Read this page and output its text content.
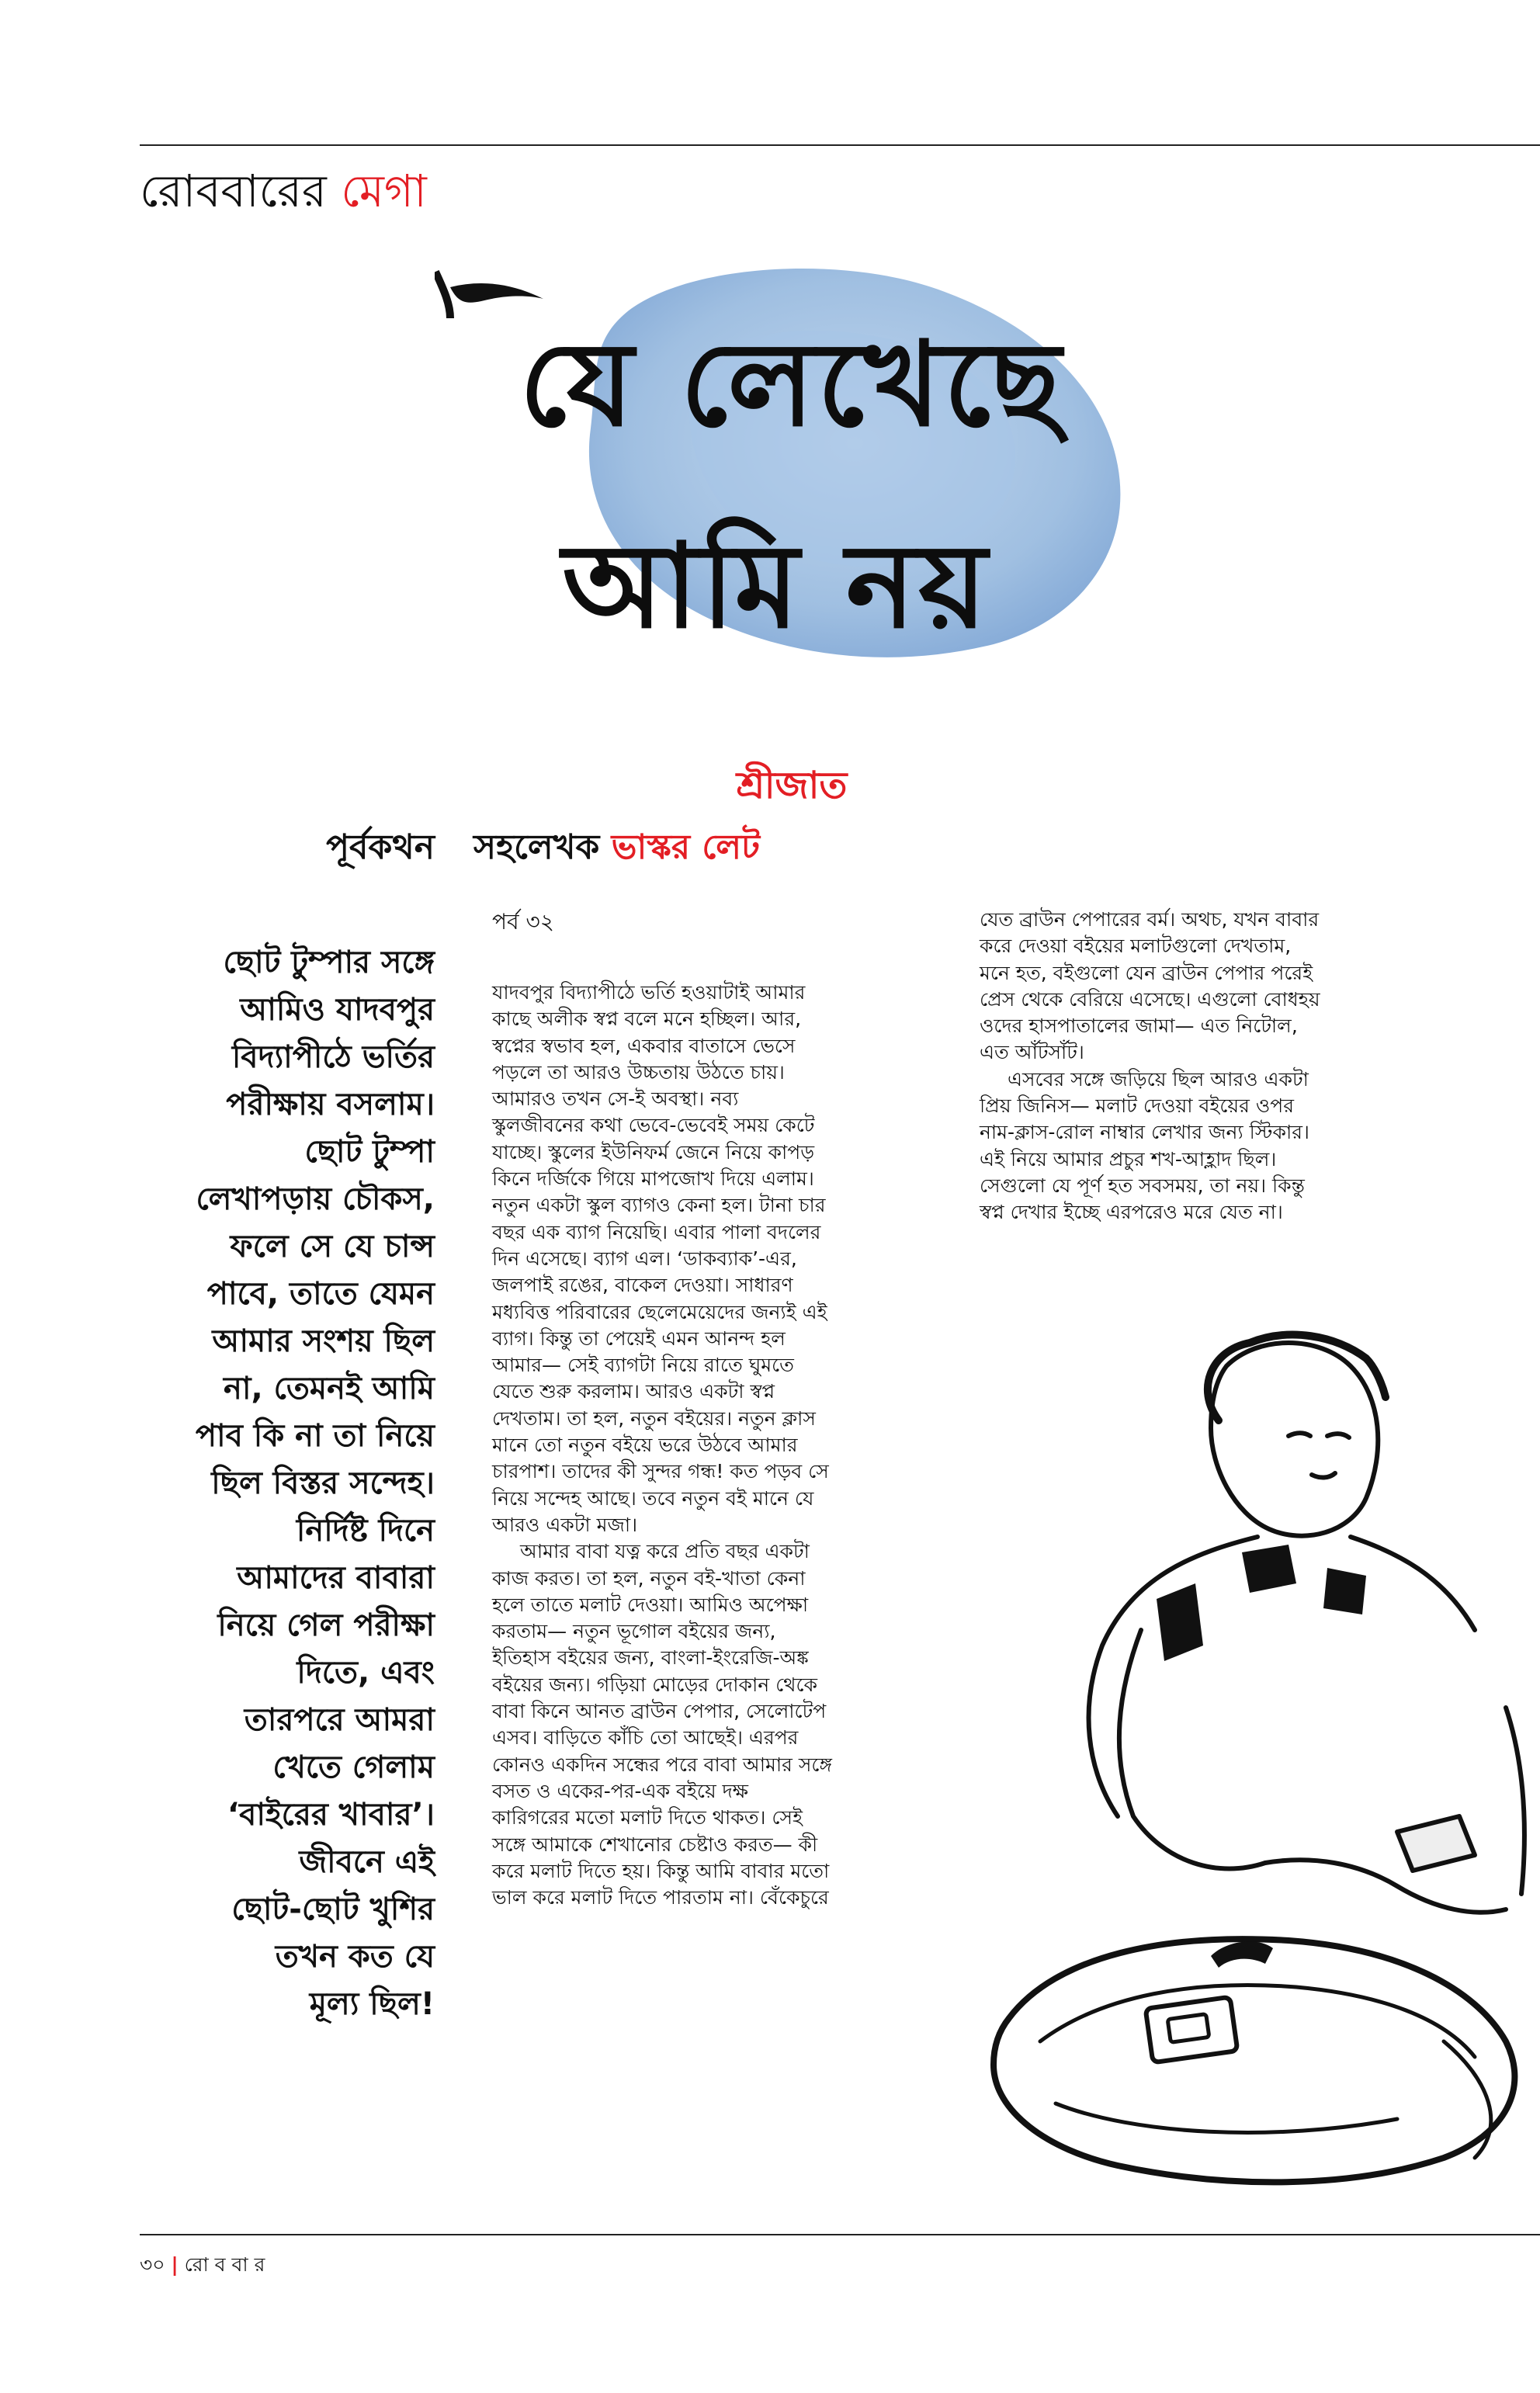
রোববারের মেগা
যে লেখেছে
আমি নয়
শ্রীজাত
পূর্বকথন সহলেখক ভাস্কর লেট
পর্ব ৩২
ছোট টুম্পার সঙ্গে
আমিও যাদবপুর
বিদ্যাপীঠে ভর্তির
পরীক্ষায় বসলাম।
ছোট টুম্পা
লেখাপড়ায় চৌকস,
ফলে সে যে চান্স
পাবে, তাতে যেমন
আমার সংশয় ছিল
না, তেমনই আমি
পাব কি না তা নিয়ে
ছিল বিস্তর সন্দেহ।
নির্দিষ্ট দিনে
আমাদের বাবারা
নিয়ে গেল পরীক্ষা
দিতে, এবং
তারপরে আমরা
খেতে গেলাম
‘বাইরের খাবার’।
জীবনে এই
ছোট-ছোট খুশির
তখন কত যে
মূল্য ছিল!
যাদবপুর বিদ্যাপীঠে ভর্তি হওয়াটাই আমার
কাছে অলীক স্বপ্ন বলে মনে হচ্ছিল। আর,
স্বপ্নের স্বভাব হল, একবার বাতাসে ভেসে
পড়লে তা আরও উচ্চতায় উঠতে চায়।
আমারও তখন সে-ই অবস্থা। নব্য
স্কুলজীবনের কথা ভেবে-ভেবেই সময় কেটে
যাচ্ছে। স্কুলের ইউনিফর্ম জেনে নিয়ে কাপড়
কিনে দর্জিকে গিয়ে মাপজোখ দিয়ে এলাম।
নতুন একটা স্কুল ব্যাগও কেনা হল। টানা চার
বছর এক ব্যাগ নিয়েছি। এবার পালা বদলের
দিন এসেছে। ব্যাগ এল। ‘ডাকব্যাক’-এর,
জলপাই রঙের, বাকেল দেওয়া। সাধারণ
মধ্যবিত্ত পরিবারের ছেলেমেয়েদের জন্যই এই
ব্যাগ। কিন্তু তা পেয়েই এমন আনন্দ হল
আমার— সেই ব্যাগটা নিয়ে রাতে ঘুমতে
যেতে শুরু করলাম। আরও একটা স্বপ্ন
দেখতাম। তা হল, নতুন বইয়ের। নতুন ক্লাস
মানে তো নতুন বইয়ে ভরে উঠবে আমার
চারপাশ। তাদের কী সুন্দর গন্ধ! কত পড়ব সে
নিয়ে সন্দেহ আছে। তবে নতুন বই মানে যে
আরও একটা মজা।
আমার বাবা যত্ন করে প্রতি বছর একটা
কাজ করত। তা হল, নতুন বই-খাতা কেনা
হলে তাতে মলাট দেওয়া। আমিও অপেক্ষা
করতাম— নতুন ভূগোল বইয়ের জন্য,
ইতিহাস বইয়ের জন্য, বাংলা-ইংরেজি-অঙ্ক
বইয়ের জন্য। গড়িয়া মোড়ের দোকান থেকে
বাবা কিনে আনত ব্রাউন পেপার, সেলোটেপ
এসব। বাড়িতে কাঁচি তো আছেই। এরপর
কোনও একদিন সন্ধের পরে বাবা আমার সঙ্গে
বসত ও একের-পর-এক বইয়ে দক্ষ
কারিগরের মতো মলাট দিতে থাকত। সেই
সঙ্গে আমাকে শেখানোর চেষ্টাও করত— কী
করে মলাট দিতে হয়। কিন্তু আমি বাবার মতো
ভাল করে মলাট দিতে পারতাম না। বেঁকেচুরে
যেত ব্রাউন পেপারের বর্ম। অথচ, যখন বাবার
করে দেওয়া বইয়ের মলাটগুলো দেখতাম,
মনে হত, বইগুলো যেন ব্রাউন পেপার পরেই
প্রেস থেকে বেরিয়ে এসেছে। এগুলো বোধহয়
ওদের হাসপাতালের জামা— এত নিটোল,
এত আঁটসাঁট।
এসবের সঙ্গে জড়িয়ে ছিল আরও একটা
প্রিয় জিনিস— মলাট দেওয়া বইয়ের ওপর
নাম-ক্লাস-রোল নাম্বার লেখার জন্য স্টিকার।
এই নিয়ে আমার প্রচুর শখ-আহ্লাদ ছিল।
সেগুলো যে পূর্ণ হত সবসময়, তা নয়। কিন্তু
স্বপ্ন দেখার ইচ্ছে এরপরেও মরে যেত না।
৩০ | রো ব বা র
